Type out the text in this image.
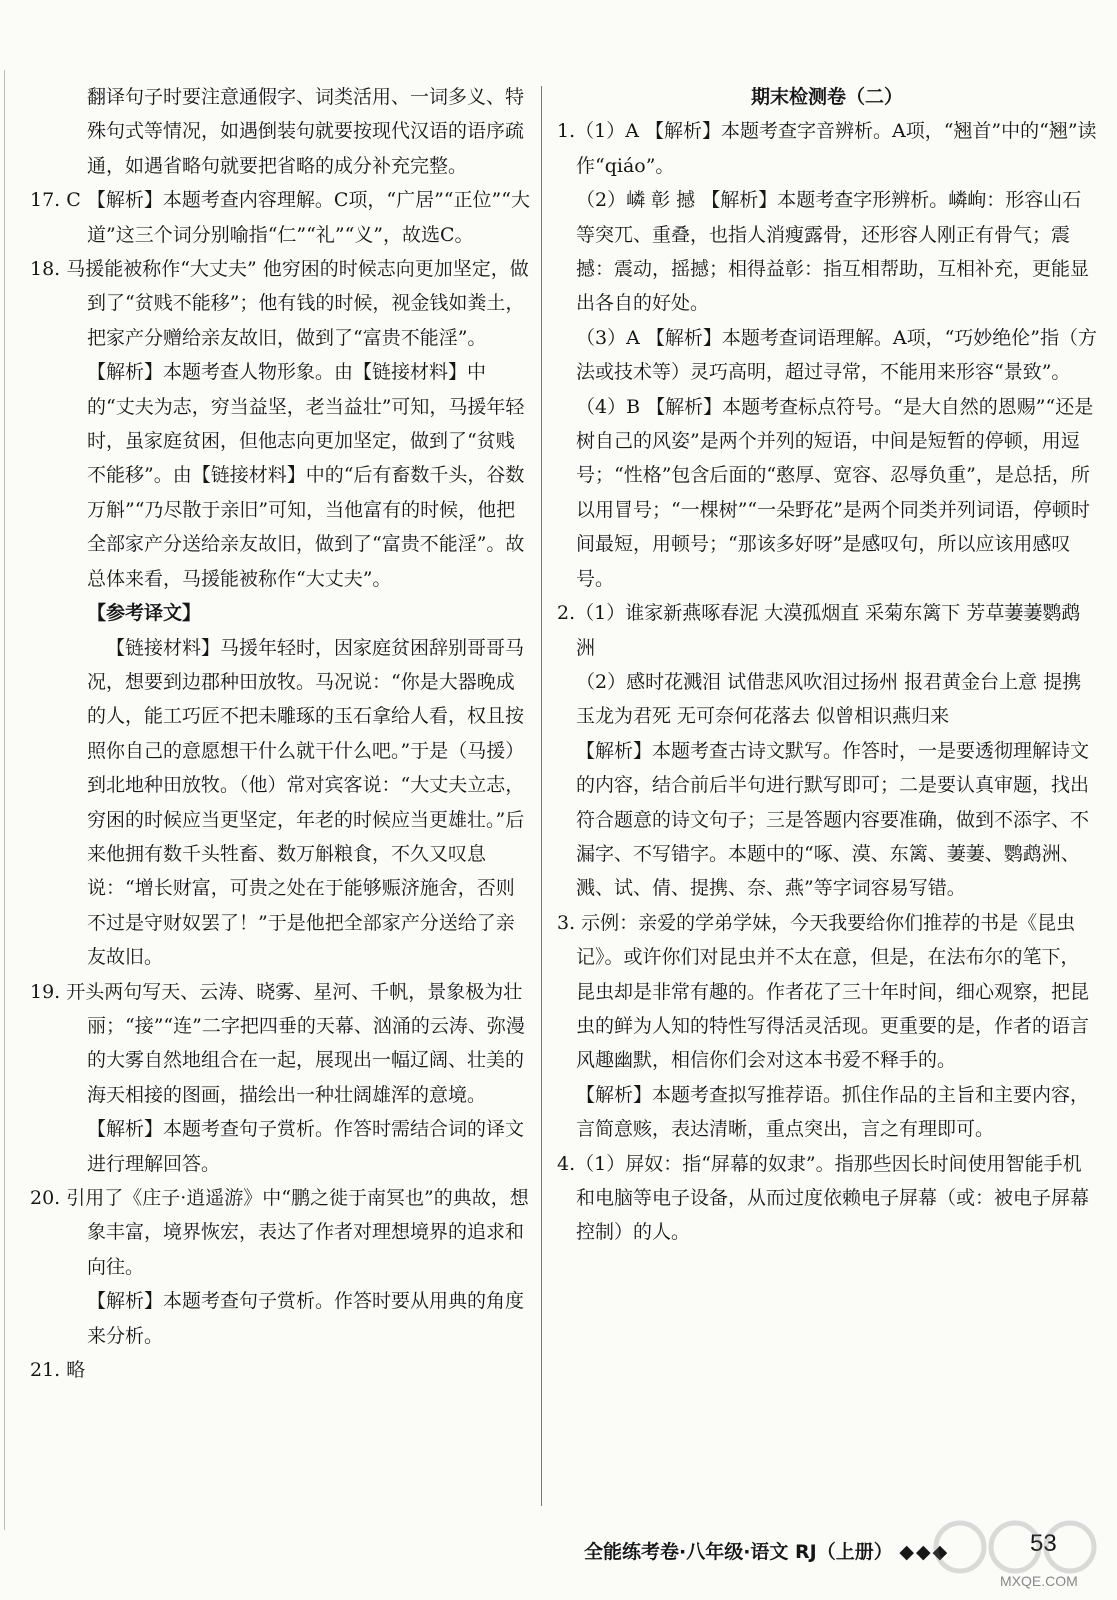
翻译句子时要注意通假字、词类活用、一词多义、特殊句式等情况，如遇倒装句就要按现代汉语的语序疏通，如遇省略句就要把省略的成分补充完整。

17. C 【解析】本题考查内容理解。C项，“广居”“正位”“大道”这三个词分别喻指“仁”“礼”“义”，故选C。

18. 马援能被称作“大丈夫” 他穷困的时候志向更加坚定，做到了“贫贱不能移”；他有钱的时候，视金钱如粪土，把家产分赠给亲友故旧，做到了“富贵不能淫”。

【解析】本题考查人物形象。由【链接材料】中的“丈夫为志，穷当益坚，老当益壮”可知，马援年轻时，虽家庭贫困，但他志向更加坚定，做到了“贫贱不能移”。由【链接材料】中的“后有畜数千头，谷数万斛”“乃尽散于亲旧”可知，当他富有的时候，他把全部家产分送给亲友故旧，做到了“富贵不能淫”。故总体来看，马援能被称作“大丈夫”。

【参考译文】

【链接材料】马援年轻时，因家庭贫困辞别哥哥马况，想要到边郡种田放牧。马况说：“你是大器晚成的人，能工巧匠不把未雕琢的玉石拿给人看，权且按照你自己的意愿想干什么就干什么吧。”于是（马援）到北地种田放牧。（他）常对宾客说：“大丈夫立志，穷困的时候应当更坚定，年老的时候应当更雄壮。”后来他拥有数千头牲畜、数万斛粮食，不久又叹息说：“增长财富，可贵之处在于能够赈济施舍，否则不过是守财奴罢了！”于是他把全部家产分送给了亲友故旧。

19. 开头两句写天、云涛、晓雾、星河、千帆，景象极为壮丽；“接”“连”二字把四垂的天幕、汹涌的云涛、弥漫的大雾自然地组合在一起，展现出一幅辽阔、壮美的海天相接的图画，描绘出一种壮阔雄浑的意境。

【解析】本题考查句子赏析。作答时需结合词的译文进行理解回答。

20. 引用了《庄子·逍遥游》中“鹏之徙于南冥也”的典故，想象丰富，境界恢宏，表达了作者对理想境界的追求和向往。

【解析】本题考查句子赏析。作答时要从用典的角度来分析。

21. 略

期末检测卷（二）

1.（1）A 【解析】本题考查字音辨析。A项，“翘首”中的“翘”读作“qiáo”。

（2）嶙 彰 撼 【解析】本题考查字形辨析。嶙峋：形容山石等突兀、重叠，也指人消瘦露骨，还形容人刚正有骨气；震撼：震动，摇撼；相得益彰：指互相帮助，互相补充，更能显出各自的好处。

（3）A 【解析】本题考查词语理解。A项，“巧妙绝伦”指（方法或技术等）灵巧高明，超过寻常，不能用来形容“景致”。

（4）B 【解析】本题考查标点符号。“是大自然的恩赐”“还是树自己的风姿”是两个并列的短语，中间是短暂的停顿，用逗号；“性格”包含后面的“憨厚、宽容、忍辱负重”，是总括，所以用冒号；“一棵树”“一朵野花”是两个同类并列词语，停顿时间最短，用顿号；“那该多好呀”是感叹句，所以应该用感叹号。

2.（1）谁家新燕啄春泥 大漠孤烟直 采菊东篱下 芳草萋萋鹦鹉洲

（2）感时花溅泪 试借悲风吹泪过扬州 报君黄金台上意 提携玉龙为君死 无可奈何花落去 似曾相识燕归来

【解析】本题考查古诗文默写。作答时，一是要透彻理解诗文的内容，结合前后半句进行默写即可；二是要认真审题，找出符合题意的诗文句子；三是答题内容要准确，做到不添字、不漏字、不写错字。本题中的“啄、漠、东篱、萋萋、鹦鹉洲、溅、试、倩、提携、奈、燕”等字词容易写错。

3. 示例：亲爱的学弟学妹，今天我要给你们推荐的书是《昆虫记》。或许你们对昆虫并不太在意，但是，在法布尔的笔下，昆虫却是非常有趣的。作者花了三十年时间，细心观察，把昆虫的鲜为人知的特性写得活灵活现。更重要的是，作者的语言风趣幽默，相信你们会对这本书爱不释手的。

【解析】本题考查拟写推荐语。抓住作品的主旨和主要内容，言简意赅，表达清晰，重点突出，言之有理即可。

4.（1）屏奴：指“屏幕的奴隶”。指那些因长时间使用智能手机和电脑等电子设备，从而过度依赖电子屏幕（或：被电子屏幕控制）的人。

全能练考卷·八年级·语文 RJ（上册） ◆◆◆	53
MXQE.COM
